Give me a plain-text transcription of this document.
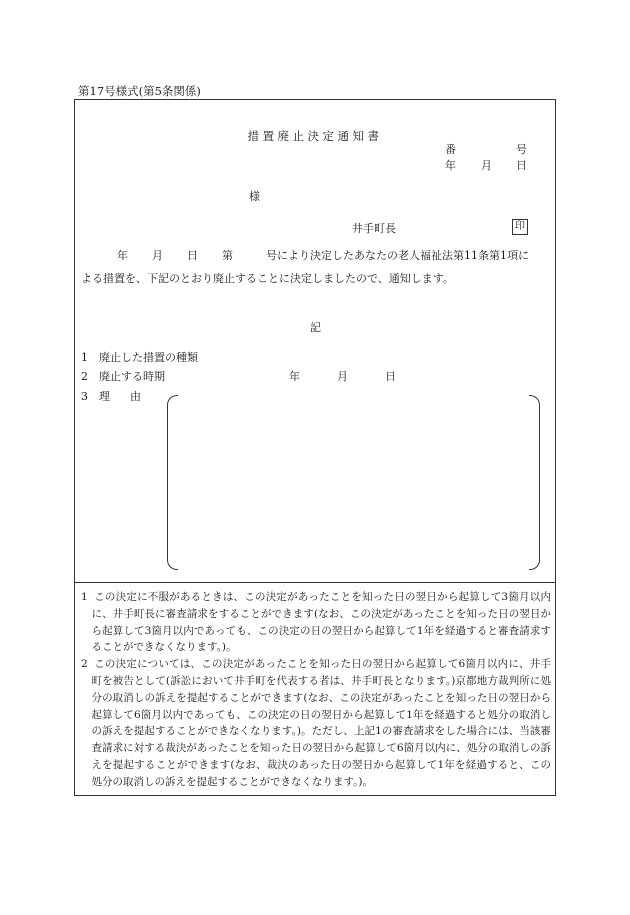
第17号様式(第5条関係)
措置廃止決定通知書
番	号
年 月 日
様
井手町長	印
年 月 日 第	号により決定したあなたの老人福祉法第11条第1項に
よる措置を、下記のとおり廃止することに決定しましたので、通知します。
記
1 廃止した措置の種類
2 廃止する時期	年	月	日
3 理 由
1 この決定に不服があるときは、この決定があったことを知った日の翌日から起算して3箇月以内に、井手町長に審査請求をすることができます(なお、この決定があったことを知った日の翌日から起算して3箇月以内であっても、この決定の日の翌日から起算して1年を経過すると審査請求することができなくなります。)。
2 この決定については、この決定があったことを知った日の翌日から起算して6箇月以内に、井手町を被告として(訴訟において井手町を代表する者は、井手町長となります。)京都地方裁判所に処分の取消しの訴えを提起することができます(なお、この決定があったことを知った日の翌日から起算して6箇月以内であっても、この決定の日の翌日から起算して1年を経過すると処分の取消しの訴えを提起することができなくなります。)。ただし、上記1の審査請求をした場合には、当該審査請求に対する裁決があったことを知った日の翌日から起算して6箇月以内に、処分の取消しの訴えを提起することができます(なお、裁決のあった日の翌日から起算して1年を経過すると、この処分の取消しの訴えを提起することができなくなります。)。
